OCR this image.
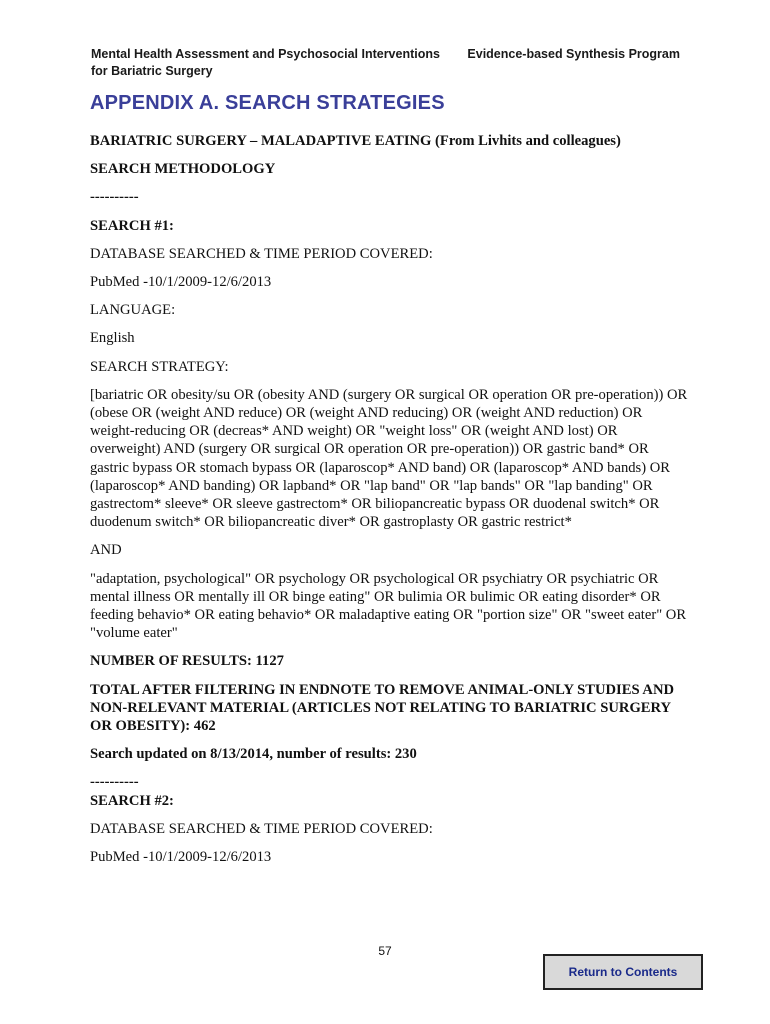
Mental Health Assessment and Psychosocial Interventions
for Bariatric Surgery
Evidence-based Synthesis Program
APPENDIX A. SEARCH STRATEGIES

BARIATRIC SURGERY – MALADAPTIVE EATING (From Livhits and colleagues)

SEARCH METHODOLOGY

----------

SEARCH #1:

DATABASE SEARCHED & TIME PERIOD COVERED:

PubMed -10/1/2009-12/6/2013

LANGUAGE:

English

SEARCH STRATEGY:

[bariatric OR obesity/su OR (obesity AND (surgery OR surgical OR operation OR pre-operation)) OR (obese OR (weight AND reduce) OR (weight AND reducing) OR (weight AND reduction) OR weight-reducing OR (decreas* AND weight) OR "weight loss" OR (weight AND lost) OR overweight) AND (surgery OR surgical OR operation OR pre-operation)) OR gastric band* OR gastric bypass OR stomach bypass OR (laparoscop* AND band) OR (laparoscop* AND bands) OR (laparoscop* AND banding) OR lapband* OR "lap band" OR "lap bands" OR "lap banding" OR gastrectom* sleeve* OR sleeve gastrectom* OR biliopancreatic bypass OR duodenal switch* OR duodenum switch* OR biliopancreatic diver* OR gastroplasty OR gastric restrict*

AND

"adaptation, psychological" OR psychology OR psychological OR psychiatry OR psychiatric OR mental illness OR mentally ill OR binge eating" OR bulimia OR bulimic OR eating disorder* OR feeding behavio* OR eating behavio* OR maladaptive eating OR "portion size" OR "sweet eater" OR "volume eater"

NUMBER OF RESULTS: 1127

TOTAL AFTER FILTERING IN ENDNOTE TO REMOVE ANIMAL-ONLY STUDIES AND NON-RELEVANT MATERIAL (ARTICLES NOT RELATING TO BARIATRIC SURGERY OR OBESITY): 462

Search updated on 8/13/2014, number of results: 230

----------

SEARCH #2:

DATABASE SEARCHED & TIME PERIOD COVERED:

PubMed -10/1/2009-12/6/2013

57
Return to Contents
